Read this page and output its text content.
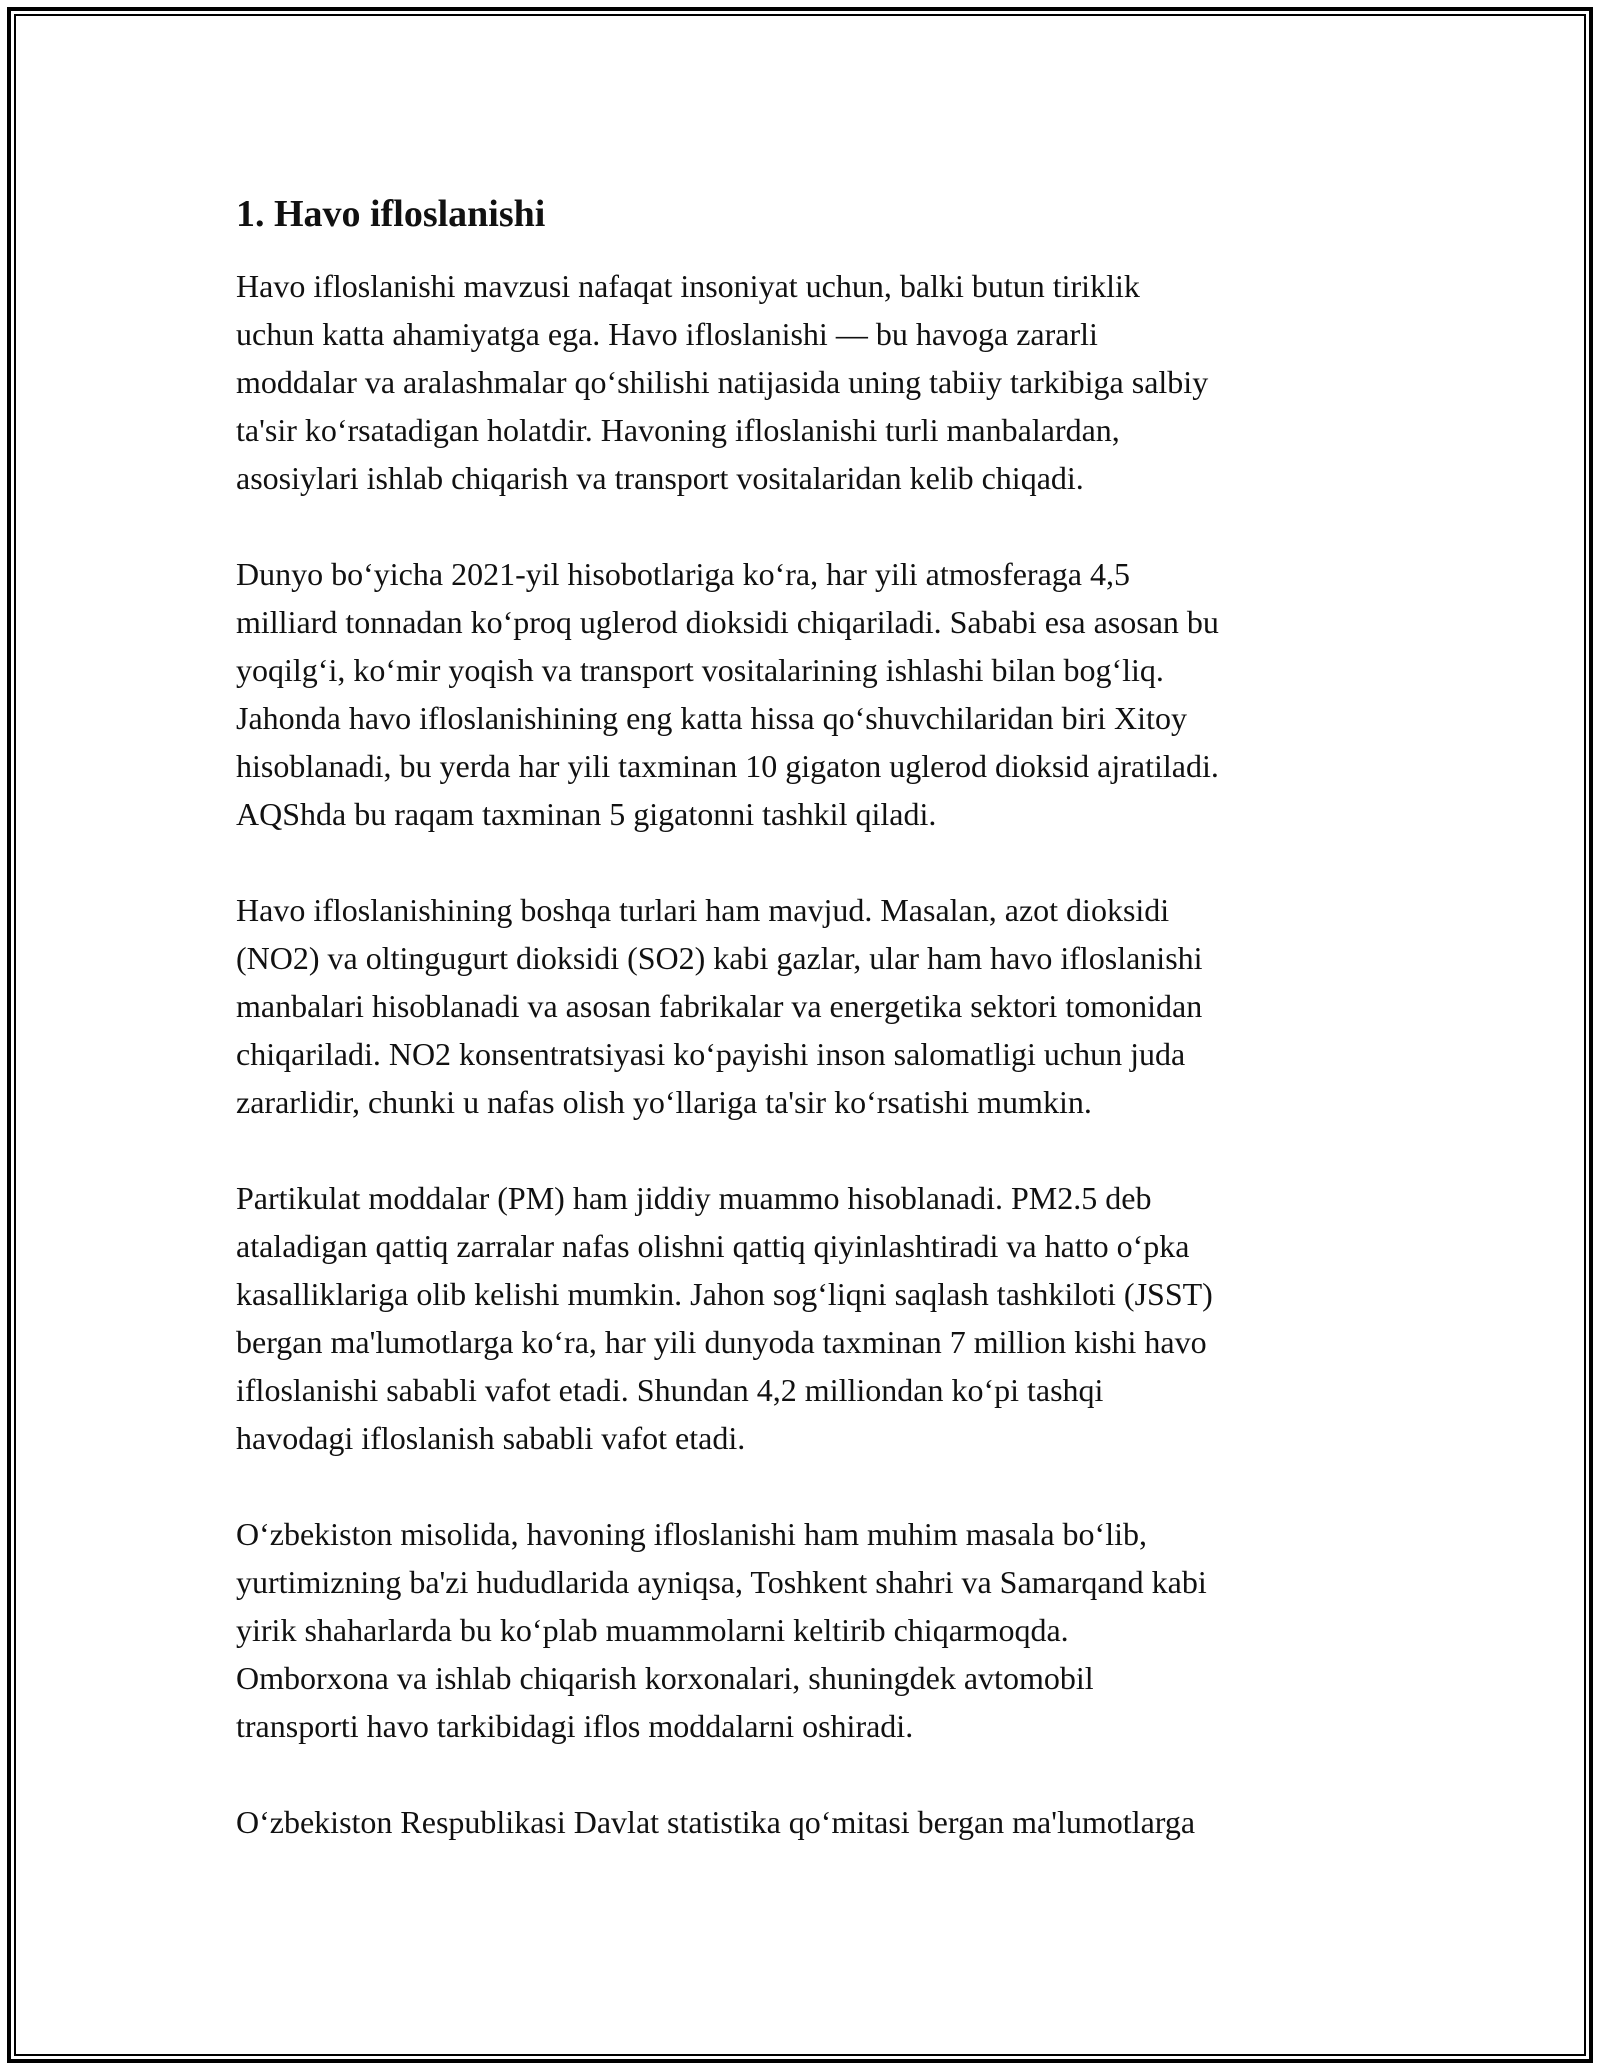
1. Havo ifloslanishi

Havo ifloslanishi mavzusi nafaqat insoniyat uchun, balki butun tiriklik
uchun katta ahamiyatga ega. Havo ifloslanishi — bu havoga zararli
moddalar va aralashmalar qo‘shilishi natijasida uning tabiiy tarkibiga salbiy
ta'sir ko‘rsatadigan holatdir. Havoning ifloslanishi turli manbalardan,
asosiylari ishlab chiqarish va transport vositalaridan kelib chiqadi.

Dunyo bo‘yicha 2021-yil hisobotlariga ko‘ra, har yili atmosferaga 4,5
milliard tonnadan ko‘proq uglerod dioksidi chiqariladi. Sababi esa asosan bu
yoqilg‘i, ko‘mir yoqish va transport vositalarining ishlashi bilan bog‘liq.
Jahonda havo ifloslanishining eng katta hissa qo‘shuvchilaridan biri Xitoy
hisoblanadi, bu yerda har yili taxminan 10 gigaton uglerod dioksid ajratiladi.
AQShda bu raqam taxminan 5 gigatonni tashkil qiladi.

Havo ifloslanishining boshqa turlari ham mavjud. Masalan, azot dioksidi
(NO2) va oltingugurt dioksidi (SO2) kabi gazlar, ular ham havo ifloslanishi
manbalari hisoblanadi va asosan fabrikalar va energetika sektori tomonidan
chiqariladi. NO2 konsentratsiyasi ko‘payishi inson salomatligi uchun juda
zararlidir, chunki u nafas olish yo‘llariga ta'sir ko‘rsatishi mumkin.

Partikulat moddalar (PM) ham jiddiy muammo hisoblanadi. PM2.5 deb
ataladigan qattiq zarralar nafas olishni qattiq qiyinlashtiradi va hatto o‘pka
kasalliklariga olib kelishi mumkin. Jahon sog‘liqni saqlash tashkiloti (JSST)
bergan ma'lumotlarga ko‘ra, har yili dunyoda taxminan 7 million kishi havo
ifloslanishi sababli vafot etadi. Shundan 4,2 milliondan ko‘pi tashqi
havodagi ifloslanish sababli vafot etadi.

O‘zbekiston misolida, havoning ifloslanishi ham muhim masala bo‘lib,
yurtimizning ba'zi hududlarida ayniqsa, Toshkent shahri va Samarqand kabi
yirik shaharlarda bu ko‘plab muammolarni keltirib chiqarmoqda.
Omborxona va ishlab chiqarish korxonalari, shuningdek avtomobil
transporti havo tarkibidagi iflos moddalarni oshiradi.

O‘zbekiston Respublikasi Davlat statistika qo‘mitasi bergan ma'lumotlarga
